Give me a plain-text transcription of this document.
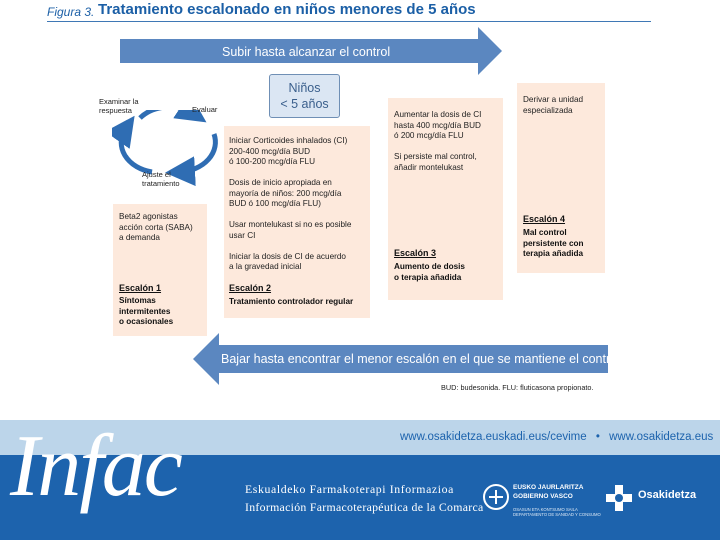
Figura 3. Tratamiento escalonado en niños menores de 5 años
Subir hasta alcanzar el control
Niños
< 5 años
Examinar la
respuesta	Evaluar
Ajuste el
tratamiento
Beta2 agonistas
acción corta (SABA)
a demanda
Escalón 1
Síntomas
intermitentes
o ocasionales
Iniciar Corticoides inhalados (CI)
200-400 mcg/día BUD
ó 100-200 mcg/día FLU

Dosis de inicio apropiada en
mayoría de niños: 200 mcg/día
BUD ó 100 mcg/día FLU)

Usar montelukast si no es posible
usar CI

Iniciar la dosis de CI de acuerdo
a la gravedad inicial
Escalón 2
Tratamiento controlador regular
Aumentar la dosis de CI
hasta 400 mcg/día BUD
ó 200 mcg/día FLU

Si persiste mal control,
añadir montelukast
Escalón 3
Aumento de dosis
o terapia añadida
Derivar a unidad
especializada
Escalón 4
Mal control
persistente con
terapia añadida
Bajar hasta encontrar el menor escalón en el que se mantiene el control
BUD: budesonida. FLU: fluticasona propionato.
www.osakidetza.euskadi.eus/cevime • www.osakidetza.eus
Infac	Eskualdeko Farmakoterapi Informazioa
Información Farmacoterapéutica de la Comarca
EUSKO JAURLARITZA
GOBIERNO VASCO
OSASUN ETA KONTSUMO SAILA
DEPARTAMENTO DE SANIDAD Y CONSUMO
Osakidetza
